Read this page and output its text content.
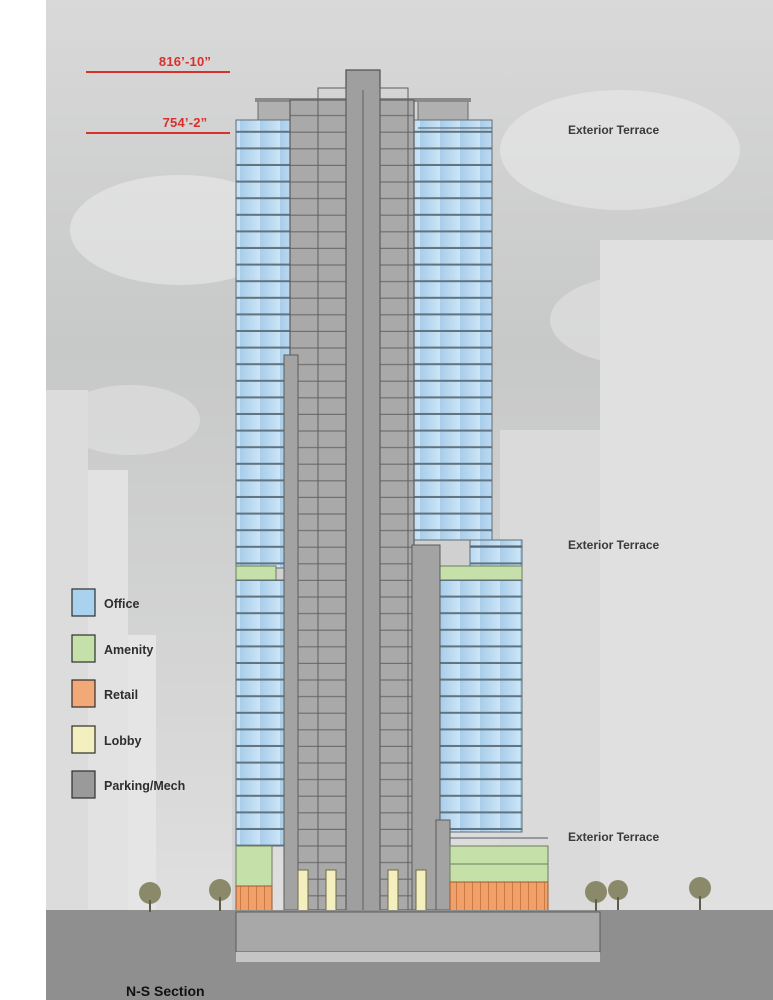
816’-10”
754’-2”	Exterior Terrace
Exterior Terrace
Exterior Terrace
Office
Amenity
Retail
Lobby
Parking/Mech
N-S Section
